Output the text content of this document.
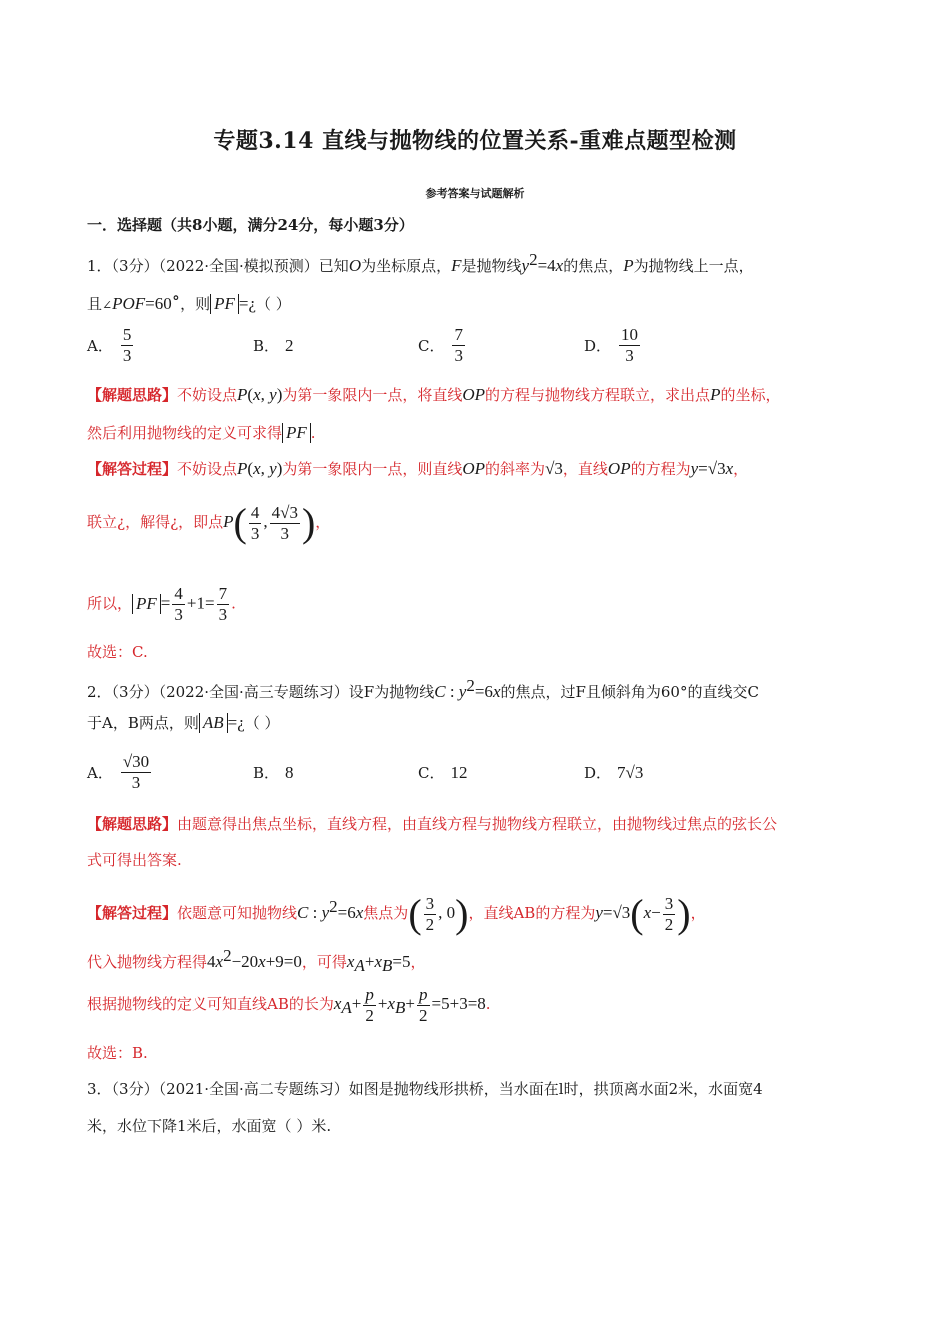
专题3.14 直线与抛物线的位置关系-重难点题型检测
参考答案与试题解析
一．选择题（共8小题，满分24分，每小题3分）
1．（3分）（2022·全国·模拟预测）已知O为坐标原点，F是抛物线$y^2=4x$的焦点，P为抛物线上一点，
且∠POF=60∘，则 PF =¿（ ）
A． $\frac{5}{3}$	B． 2	C． $\frac{7}{3}$	D． $\frac{10}{3}$
【解题思路】不妨设点P(x, y)为第一象限内一点，将直线OP的方程与抛物线方程联立，求出点P的坐标，
然后利用抛物线的定义可求得 PF .
【解答过程】不妨设点P(x, y)为第一象限内一点，则直线OP的斜率为√3，直线OP的方程为y=√3x，
联立¿，解得¿，即点$P( \frac{4}{3}$ , $\frac{4√3}{3}$ )，
所以， PF = $\frac{4}{3} +1= \frac{7}{3}$ .
故选：C.
2．（3分）（2022·全国·高三专题练习）设F为抛物线C : $y^2=6x$的焦点，过F且倾斜角为60°的直线交C
于A，B两点，则 AB =¿（ ）
A． $\frac{√30}{3}$	B． 8	C． 12	D． 7√3
【解题思路】由题意得出焦点坐标，直线方程，由直线方程与抛物线方程联立，由抛物线过焦点的弦长公
式可得出答案.
【解答过程】依题意可知抛物线C : $y^2=6x$焦点为( $\frac{3}{2}$ , 0)，直线AB的方程为$y=√3(x- \frac{3}{2}$ )，
代入抛物线方程得$4x^2-20x+9=0$，可得$x_A+x_B=5$，
根据抛物线的定义可知直线AB的长为$x_A+ \frac{p}{2} +x_B+ \frac{p}{2} =5+3=8$.
故选：B.
3．（3分）（2021·全国·高二专题练习）如图是抛物线形拱桥，当水面在l时，拱顶离水面2米，水面宽4
米，水位下降1米后，水面宽（ ）米.
